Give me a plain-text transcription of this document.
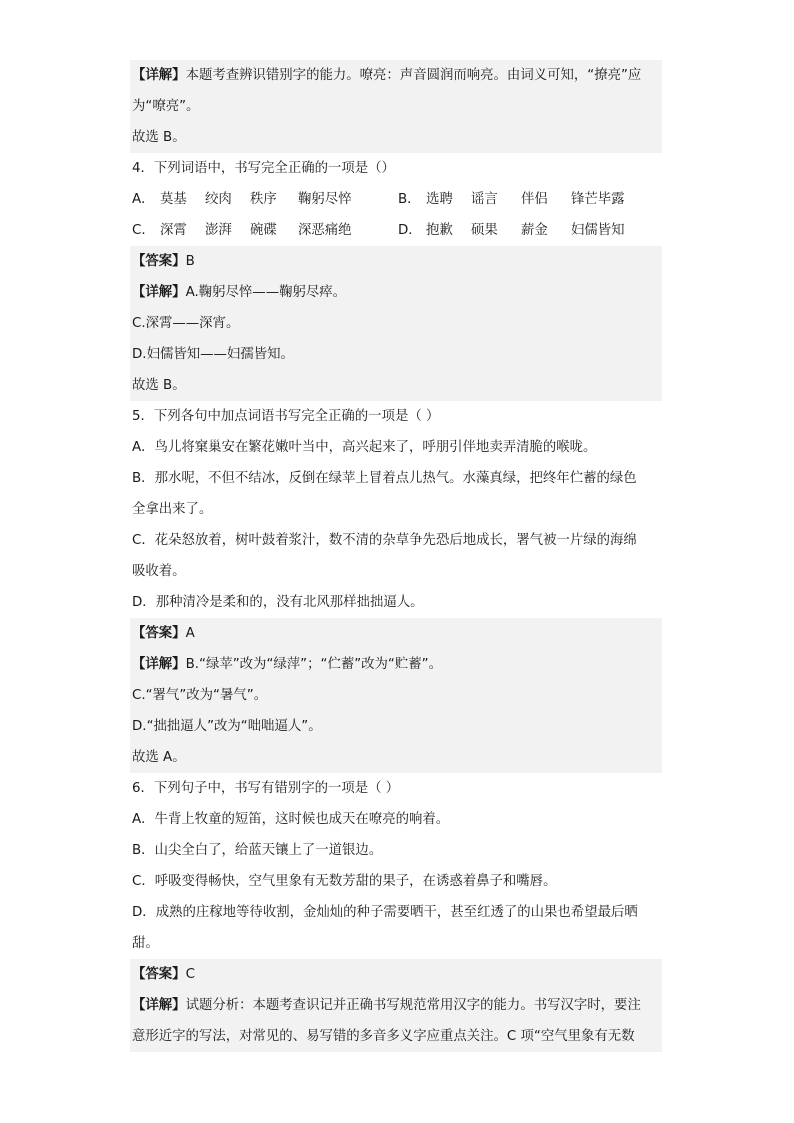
【详解】本题考查辨识错别字的能力。嘹亮：声音圆润而响亮。由词义可知，“撩亮”应
为“嘹亮”。
故选 B。
4．下列词语中，书写完全正确的一项是（）
A． 莫基	绞肉	秩序	鞠躬尽悴	B． 选聘	谣言	伴侣	锋芒毕露
C． 深霄	澎湃	碗碟	深恶痛绝	D． 抱歉	硕果	薪金	妇儒皆知
【答案】B
【详解】A.鞠躬尽悴——鞠躬尽瘁。
C.深霄——深宵。
D.妇儒皆知——妇孺皆知。
故选 B。
5．下列各句中加点词语书写完全正确的一项是（ ）
A．鸟儿将窠巢安在繁花嫩叶当中，高兴起来了，呼朋引伴地卖弄清脆的喉咙。
B．那水呢，不但不结冰，反倒在绿苹上冒着点儿热气。水藻真绿，把终年伫蓄的绿色
全拿出来了。
C．花朵怒放着，树叶鼓着浆汁，数不清的杂草争先恐后地成长，署气被一片绿的海绵
吸收着。
D．那种清冷是柔和的，没有北风那样拙拙逼人。
【答案】A
【详解】B.“绿苹”改为“绿萍”；“伫蓄”改为“贮蓄”。
C.“署气”改为“暑气”。
D.“拙拙逼人”改为“咄咄逼人”。
故选 A。
6．下列句子中，书写有错别字的一项是（ ）
A．牛背上牧童的短笛，这时候也成天在嘹亮的响着。
B．山尖全白了，给蓝天镶上了一道银边。
C．呼吸变得畅快，空气里象有无数芳甜的果子，在诱惑着鼻子和嘴唇。
D．成熟的庄稼地等待收割，金灿灿的种子需要晒干，甚至红透了的山果也希望最后晒
甜。
【答案】C
【详解】试题分析：本题考查识记并正确书写规范常用汉字的能力。书写汉字时，要注
意形近字的写法，对常见的、易写错的多音多义字应重点关注。C 项“空气里象有无数
